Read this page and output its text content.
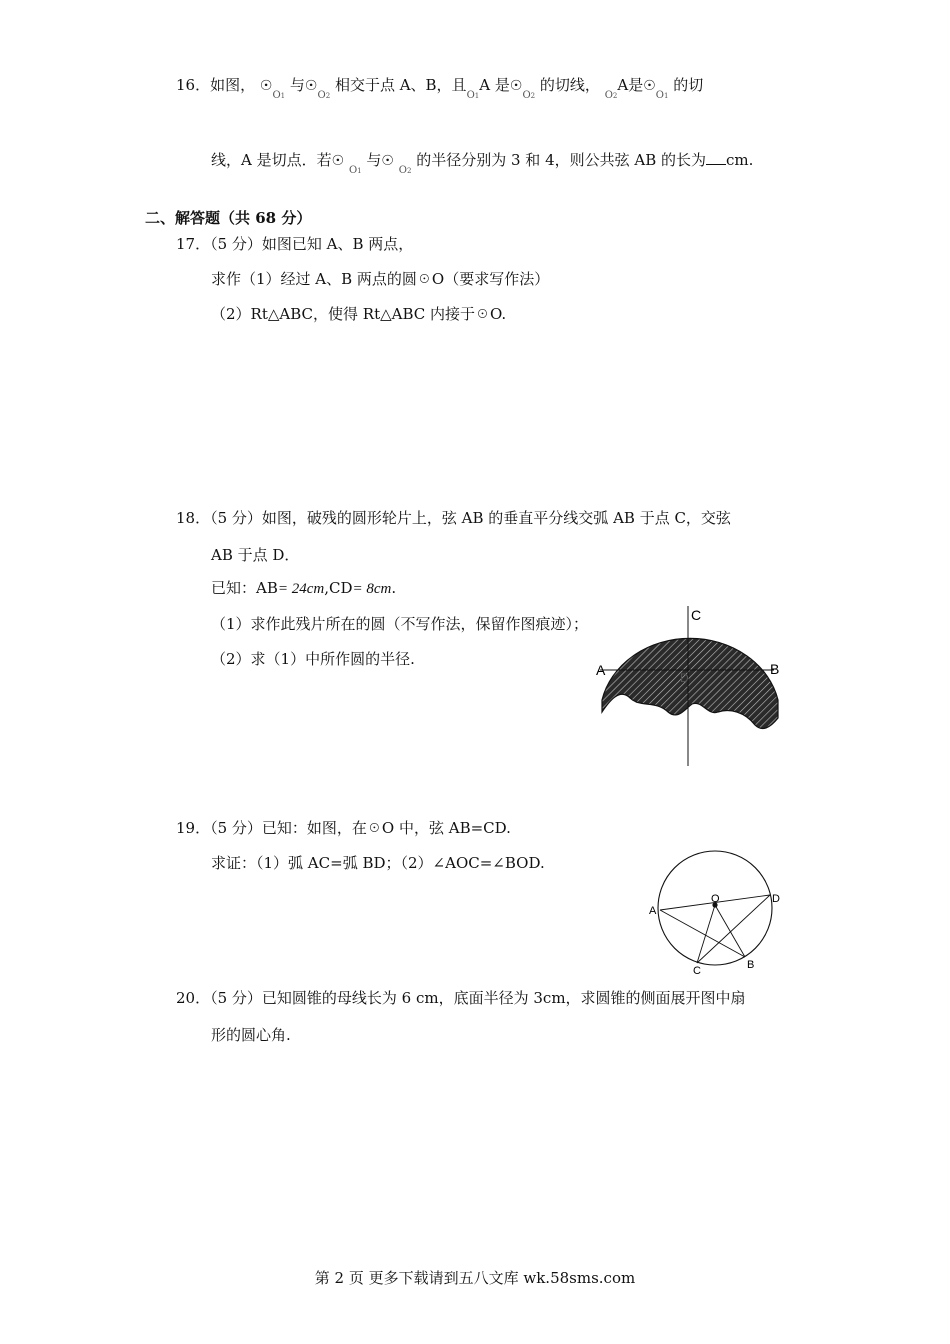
16．如图， $☉_{O1}$ 与$☉_{O2}$ 相交于点 A、B，且$_{O1}$A 是$☉_{O2}$ 的切线， $_{O2}$A是$☉_{O1}$ 的切
线，A 是切点．若☉ $_{O1}$ 与☉ $_{O2}$ 的半径分别为 3 和 4，则公共弦 AB 的长为 cm.
二、解答题（共 68 分）
17．（5 分）如图已知 A、B 两点，
求作（1）经过 A、B 两点的圆☉O（要求写作法）
（2）Rt△ABC，使得 Rt△ABC 内接于☉O.
18．（5 分）如图，破残的圆形轮片上，弦 AB 的垂直平分线交弧 AB 于点 C，交弦
AB 于点 D．
已知：AB= 24cm,CD= 8cm.
（1）求作此残片所在的圆（不写作法，保留作图痕迹）；
（2）求（1）中所作圆的半径.
C
A	B
D
19．（5 分）已知：如图，在☉O 中，弦 AB=CD.
求证：（1）弧 AC=弧 BD；（2）∠AOC=∠BOD.
O
A
D
C	B
20．（5 分）已知圆锥的母线长为 6 cm，底面半径为 3cm，求圆锥的侧面展开图中扇
形的圆心角.
第 2 页 更多下载请到五八文库 wk.58sms.com
